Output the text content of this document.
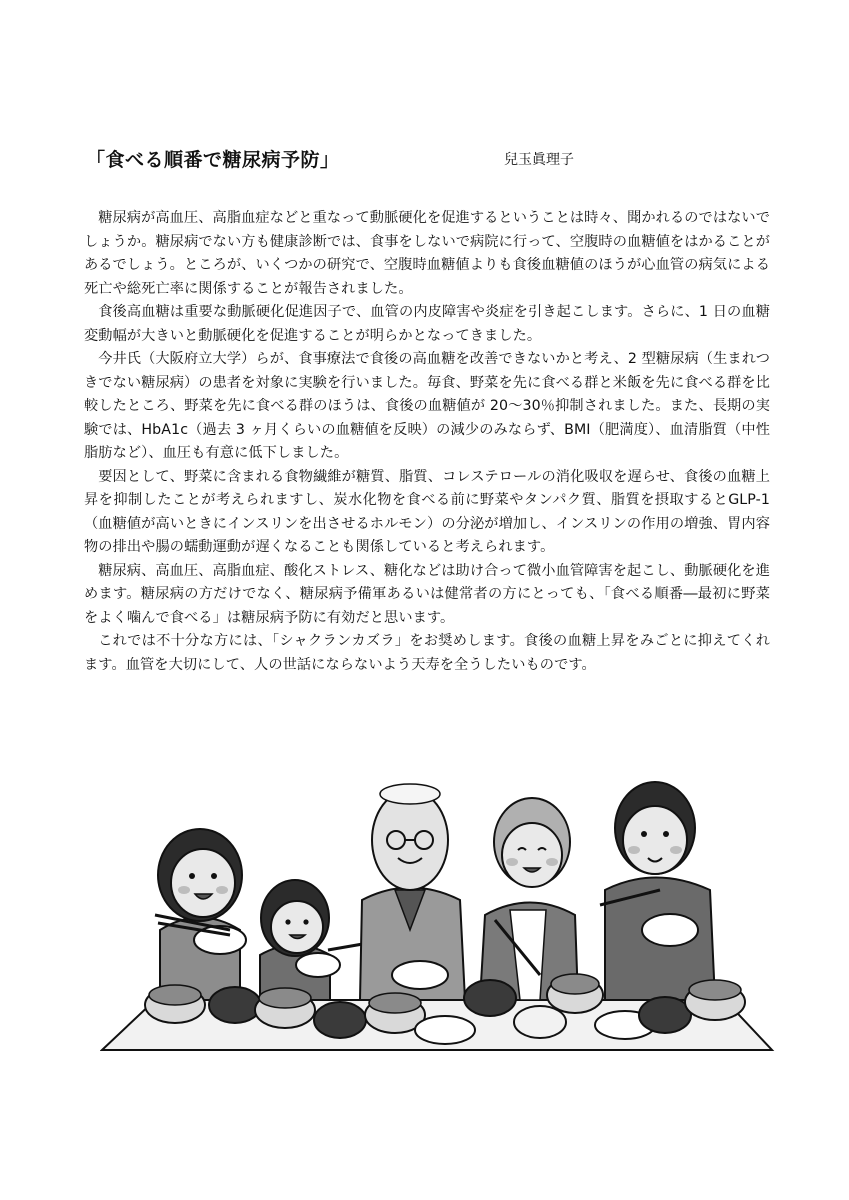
「食べる順番で糖尿病予防」	兒玉眞理子

糖尿病が高血圧、高脂血症などと重なって動脈硬化を促進するということは時々、聞かれるのではないでしょうか。糖尿病でない方も健康診断では、食事をしないで病院に行って、空腹時の血糖値をはかることがあるでしょう。ところが、いくつかの研究で、空腹時血糖値よりも食後血糖値のほうが心血管の病気による死亡や総死亡率に関係することが報告されました。

食後高血糖は重要な動脈硬化促進因子で、血管の内皮障害や炎症を引き起こします。さらに、1 日の血糖変動幅が大きいと動脈硬化を促進することが明らかとなってきました。

今井氏（大阪府立大学）らが、食事療法で食後の高血糖を改善できないかと考え、2 型糖尿病（生まれつきでない糖尿病）の患者を対象に実験を行いました。毎食、野菜を先に食べる群と米飯を先に食べる群を比較したところ、野菜を先に食べる群のほうは、食後の血糖値が 20～30％抑制されました。また、長期の実験では、HbA1c（過去 3 ヶ月くらいの血糖値を反映）の減少のみならず、BMI（肥満度）、血清脂質（中性脂肪など）、血圧も有意に低下しました。

要因として、野菜に含まれる食物繊維が糖質、脂質、コレステロールの消化吸収を遅らせ、食後の血糖上昇を抑制したことが考えられますし、炭水化物を食べる前に野菜やタンパク質、脂質を摂取するとGLP-1（血糖値が高いときにインスリンを出させるホルモン）の分泌が増加し、インスリンの作用の増強、胃内容物の排出や腸の蠕動運動が遅くなることも関係していると考えられます。

糖尿病、高血圧、高脂血症、酸化ストレス、糖化などは助け合って微小血管障害を起こし、動脈硬化を進めます。糖尿病の方だけでなく、糖尿病予備軍あるいは健常者の方にとっても、「食べる順番―最初に野菜をよく噛んで食べる」は糖尿病予防に有効だと思います。

これでは不十分な方には、「シャクランカズラ」をお奨めします。食後の血糖上昇をみごとに抑えてくれます。血管を大切にして、人の世話にならないよう天寿を全うしたいものです。
